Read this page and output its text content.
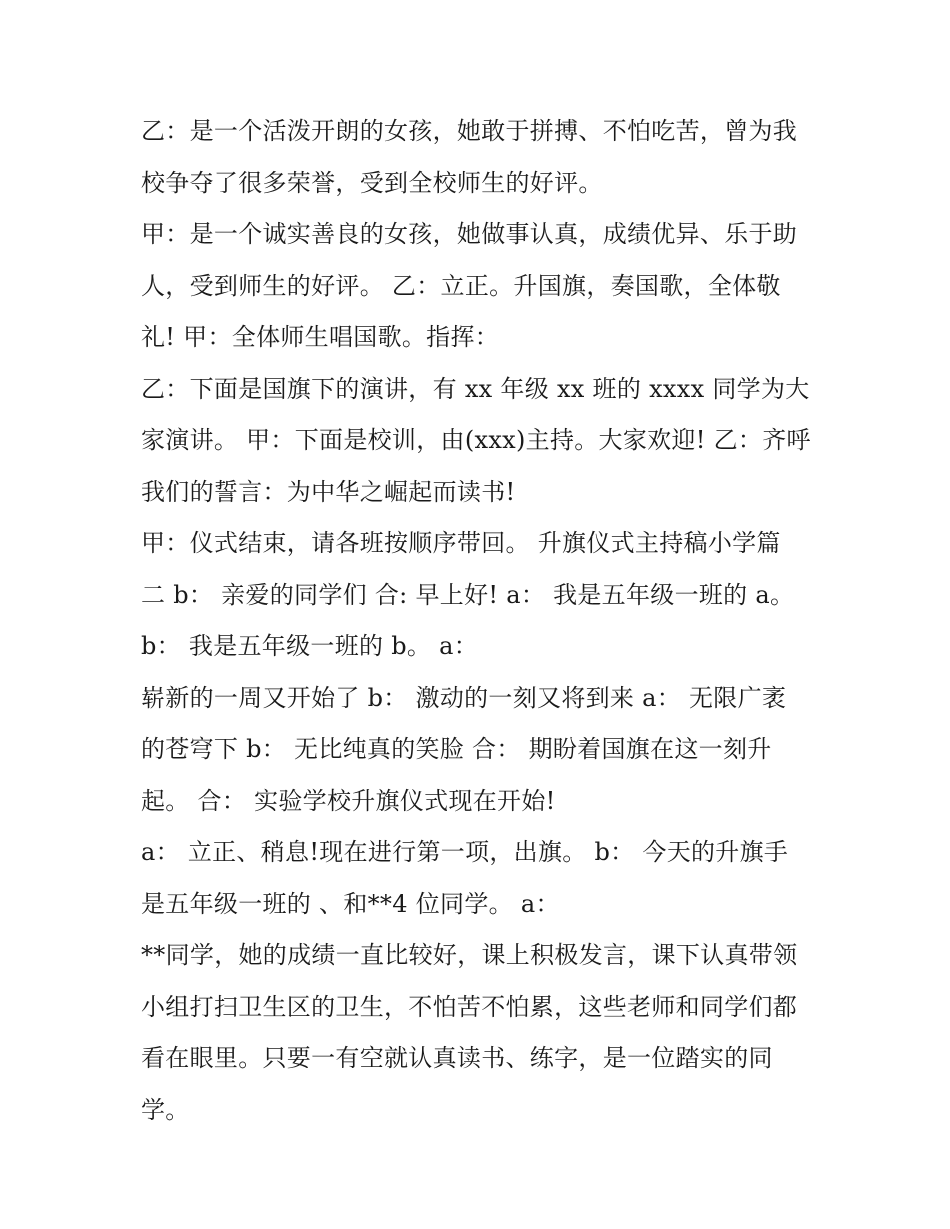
乙：是一个活泼开朗的女孩，她敢于拼搏、不怕吃苦，曾为我
校争夺了很多荣誉，受到全校师生的好评。
甲：是一个诚实善良的女孩，她做事认真，成绩优异、乐于助
人，受到师生的好评。 乙：立正。升国旗，奏国歌，全体敬
礼! 甲：全体师生唱国歌。指挥：
乙：下面是国旗下的演讲，有 xx 年级 xx 班的 xxxx 同学为大
家演讲。 甲：下面是校训，由(xxx)主持。大家欢迎! 乙：齐呼
我们的誓言：为中华之崛起而读书!
甲：仪式结束，请各班按顺序带回。 升旗仪式主持稿小学篇
二 b： 亲爱的同学们 合: 早上好! a： 我是五年级一班的 a。
b： 我是五年级一班的 b。 a：
崭新的一周又开始了 b： 激动的一刻又将到来 a： 无限广袤
的苍穹下 b： 无比纯真的笑脸 合： 期盼着国旗在这一刻升
起。 合： 实验学校升旗仪式现在开始!
a： 立正、稍息!现在进行第一项，出旗。 b： 今天的升旗手
是五年级一班的 、和**4 位同学。 a：
**同学，她的成绩一直比较好，课上积极发言，课下认真带领
小组打扫卫生区的卫生，不怕苦不怕累，这些老师和同学们都
看在眼里。只要一有空就认真读书、练字，是一位踏实的同
学。
